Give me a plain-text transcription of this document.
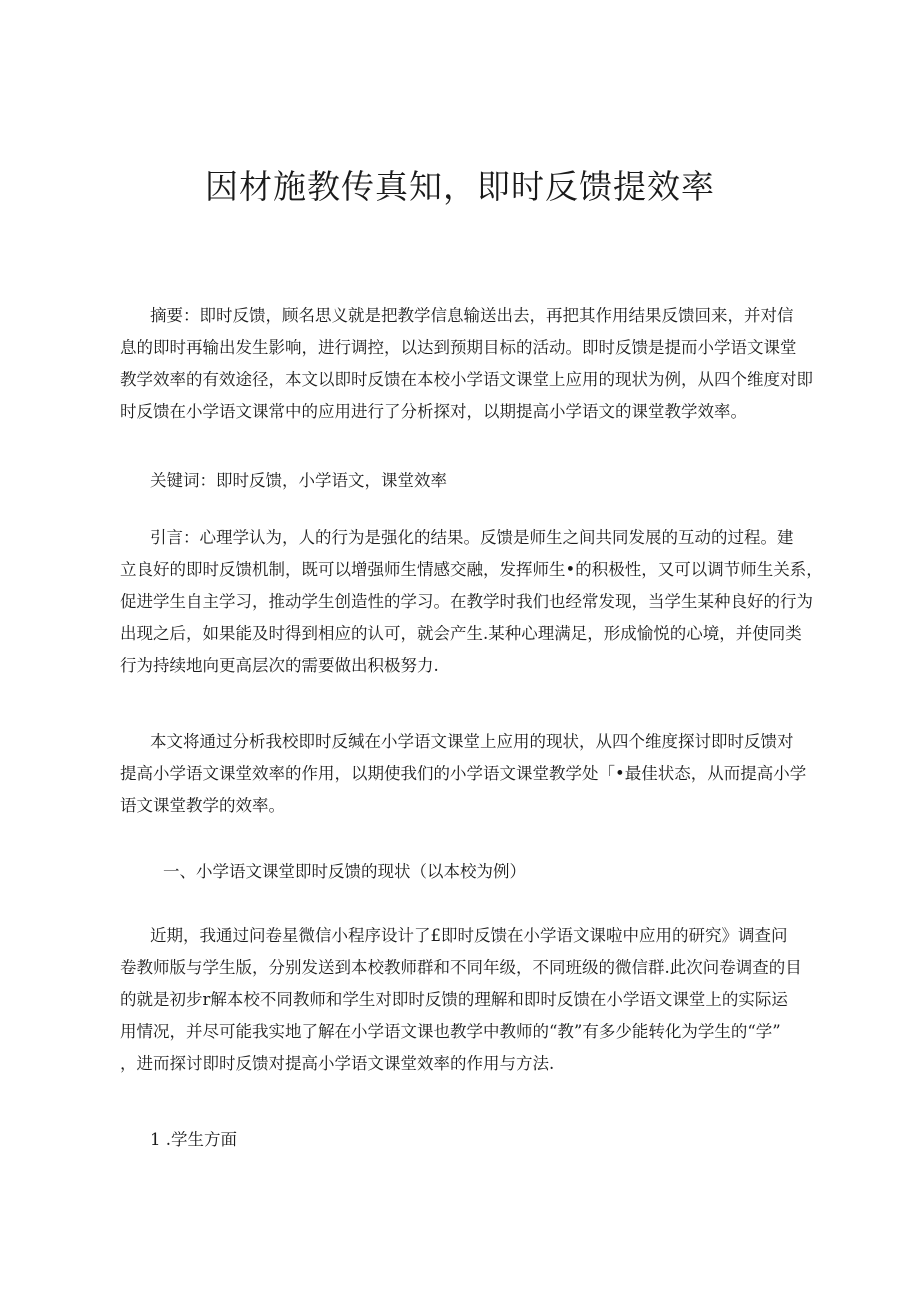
因材施教传真知，即时反馈提效率
摘要：即时反馈，顾名思义就是把教学信息输送出去，再把其作用结果反馈回来，并对信
息的即时再输出发生影响，进行调控，以达到预期目标的活动。即时反馈是提而小学语文课堂
教学效率的有效途径，本文以即时反馈在本校小学语文课堂上应用的现状为例，从四个维度对即
时反馈在小学语文课常中的应用进行了分析探对，以期提高小学语文的课堂教学效率。

关键词：即时反馈，小学语文，课堂效率

引言：心理学认为，人的行为是强化的结果。反馈是师生之间共同发展的互动的过程。建
立良好的即时反馈机制，既可以增强师生情感交融，发挥师生•的积极性，又可以调节师生关系，
促进学生自主学习，推动学生创造性的学习。在教学时我们也经常发现，当学生某种良好的行为
出现之后，如果能及时得到相应的认可，就会产生.某种心理满足，形成愉悦的心境，并使同类
行为持续地向更高层次的需要做出积极努力.
本文将通过分析我校即时反缄在小学语文课堂上应用的现状，从四个维度探讨即时反馈对
提高小学语文课堂效率的作用，以期使我们的小学语文课堂教学处「•最佳状态，从而提高小学
语文课堂教学的效率。

一、小学语文课堂即时反馈的现状（以本校为例）

近期，我通过问卷星微信小程序设计了£即时反馈在小学语文课啦中应用的研究》调查问
卷教师版与学生版，分别发送到本校教师群和不同年级，不同班级的微信群.此次问卷调查的目
的就是初步r解本校不同教师和学生对即时反馈的理解和即时反馈在小学语文课堂上的实际运
用情况，并尽可能我实地了解在小学语文课也教学中教师的“教”有多少能转化为学生的“学”
，进而探讨即时反馈对提高小学语文课堂效率的作用与方法.

1 .学生方面
